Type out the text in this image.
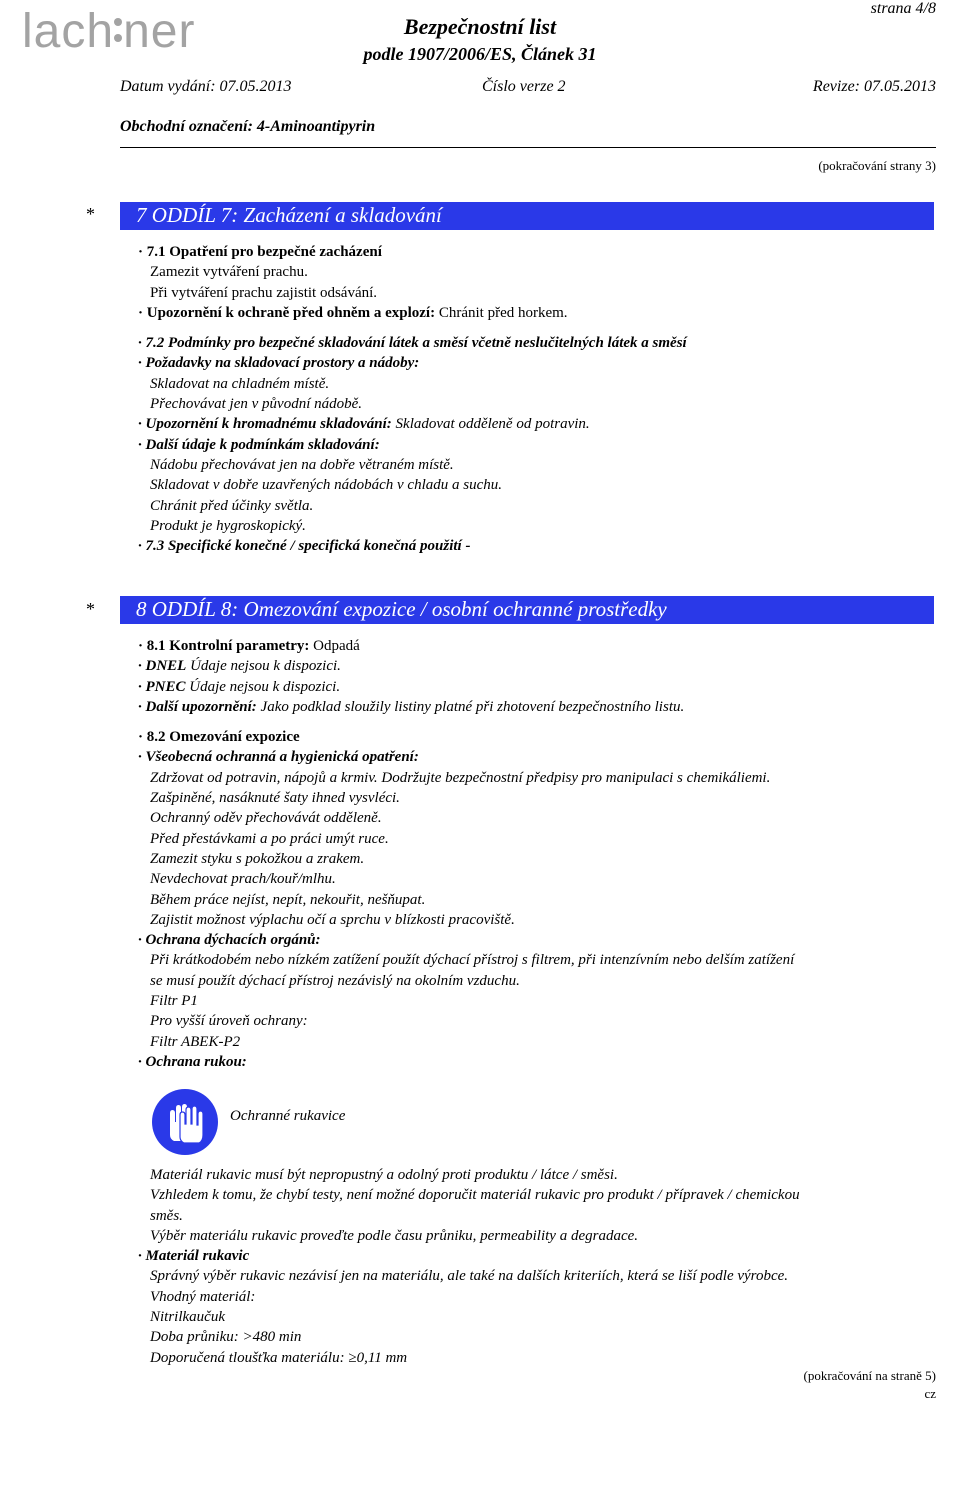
lach ner	Bezpečnostní list
podle 1907/2006/ES, Článek 31
strana 4/8
Datum vydání: 07.05.2013	Číslo verze 2	Revize: 07.05.2013
Obchodní označení: 4-Aminoantipyrin
(pokračování strany 3)
* 7 ODDÍL 7: Zacházení a skladování
· 7.1 Opatření pro bezpečné zacházení
Zamezit vytváření prachu.
Při vytváření prachu zajistit odsávání.
· Upozornění k ochraně před ohněm a explozí: Chránit před horkem.
· 7.2 Podmínky pro bezpečné skladování látek a směsí včetně neslučitelných látek a směsí
· Požadavky na skladovací prostory a nádoby:
Skladovat na chladném místě.
Přechovávat jen v původní nádobě.
· Upozornění k hromadnému skladování: Skladovat odděleně od potravin.
· Další údaje k podmínkám skladování:
Nádobu přechovávat jen na dobře větraném místě.
Skladovat v dobře uzavřených nádobách v chladu a suchu.
Chránit před účinky světla.
Produkt je hygroskopický.
· 7.3 Specifické konečné / specifická konečná použití -
* 8 ODDÍL 8: Omezování expozice / osobní ochranné prostředky
· 8.1 Kontrolní parametry: Odpadá
· DNEL Údaje nejsou k dispozici.
· PNEC Údaje nejsou k dispozici.
· Další upozornění: Jako podklad sloužily listiny platné při zhotovení bezpečnostního listu.
· 8.2 Omezování expozice
· Všeobecná ochranná a hygienická opatření:
Zdržovat od potravin, nápojů a krmiv. Dodržujte bezpečnostní předpisy pro manipulaci s chemikáliemi.
Zašpiněné, nasáknuté šaty ihned vysvléci.
Ochranný oděv přechovávát odděleně.
Před přestávkami a po práci umýt ruce.
Zamezit styku s pokožkou a zrakem.
Nevdechovat prach/kouř/mlhu.
Během práce nejíst, nepít, nekouřit, nešňupat.
Zajistit možnost výplachu očí a sprchu v blízkosti pracoviště.
· Ochrana dýchacích orgánů:
Při krátkodobém nebo nízkém zatížení použít dýchací přístroj s filtrem, při intenzívním nebo delším zatížení
se musí použít dýchací přístroj nezávislý na okolním vzduchu.
Filtr P1
Pro vyšší úroveň ochrany:
Filtr ABEK-P2
· Ochrana rukou:
Ochranné rukavice
Materiál rukavic musí být nepropustný a odolný proti produktu / látce / směsi.
Vzhledem k tomu, že chybí testy, není možné doporučit materiál rukavic pro produkt / přípravek / chemickou
směs.
Výběr materiálu rukavic proveďte podle času průniku, permeability a degradace.
· Materiál rukavic
Správný výběr rukavic nezávisí jen na materiálu, ale také na dalších kriteriích, která se liší podle výrobce.
Vhodný materiál:
Nitrilkaučuk
Doba průniku: >480 min
Doporučená tloušťka materiálu: ≥0,11 mm
(pokračování na straně 5)
cz
